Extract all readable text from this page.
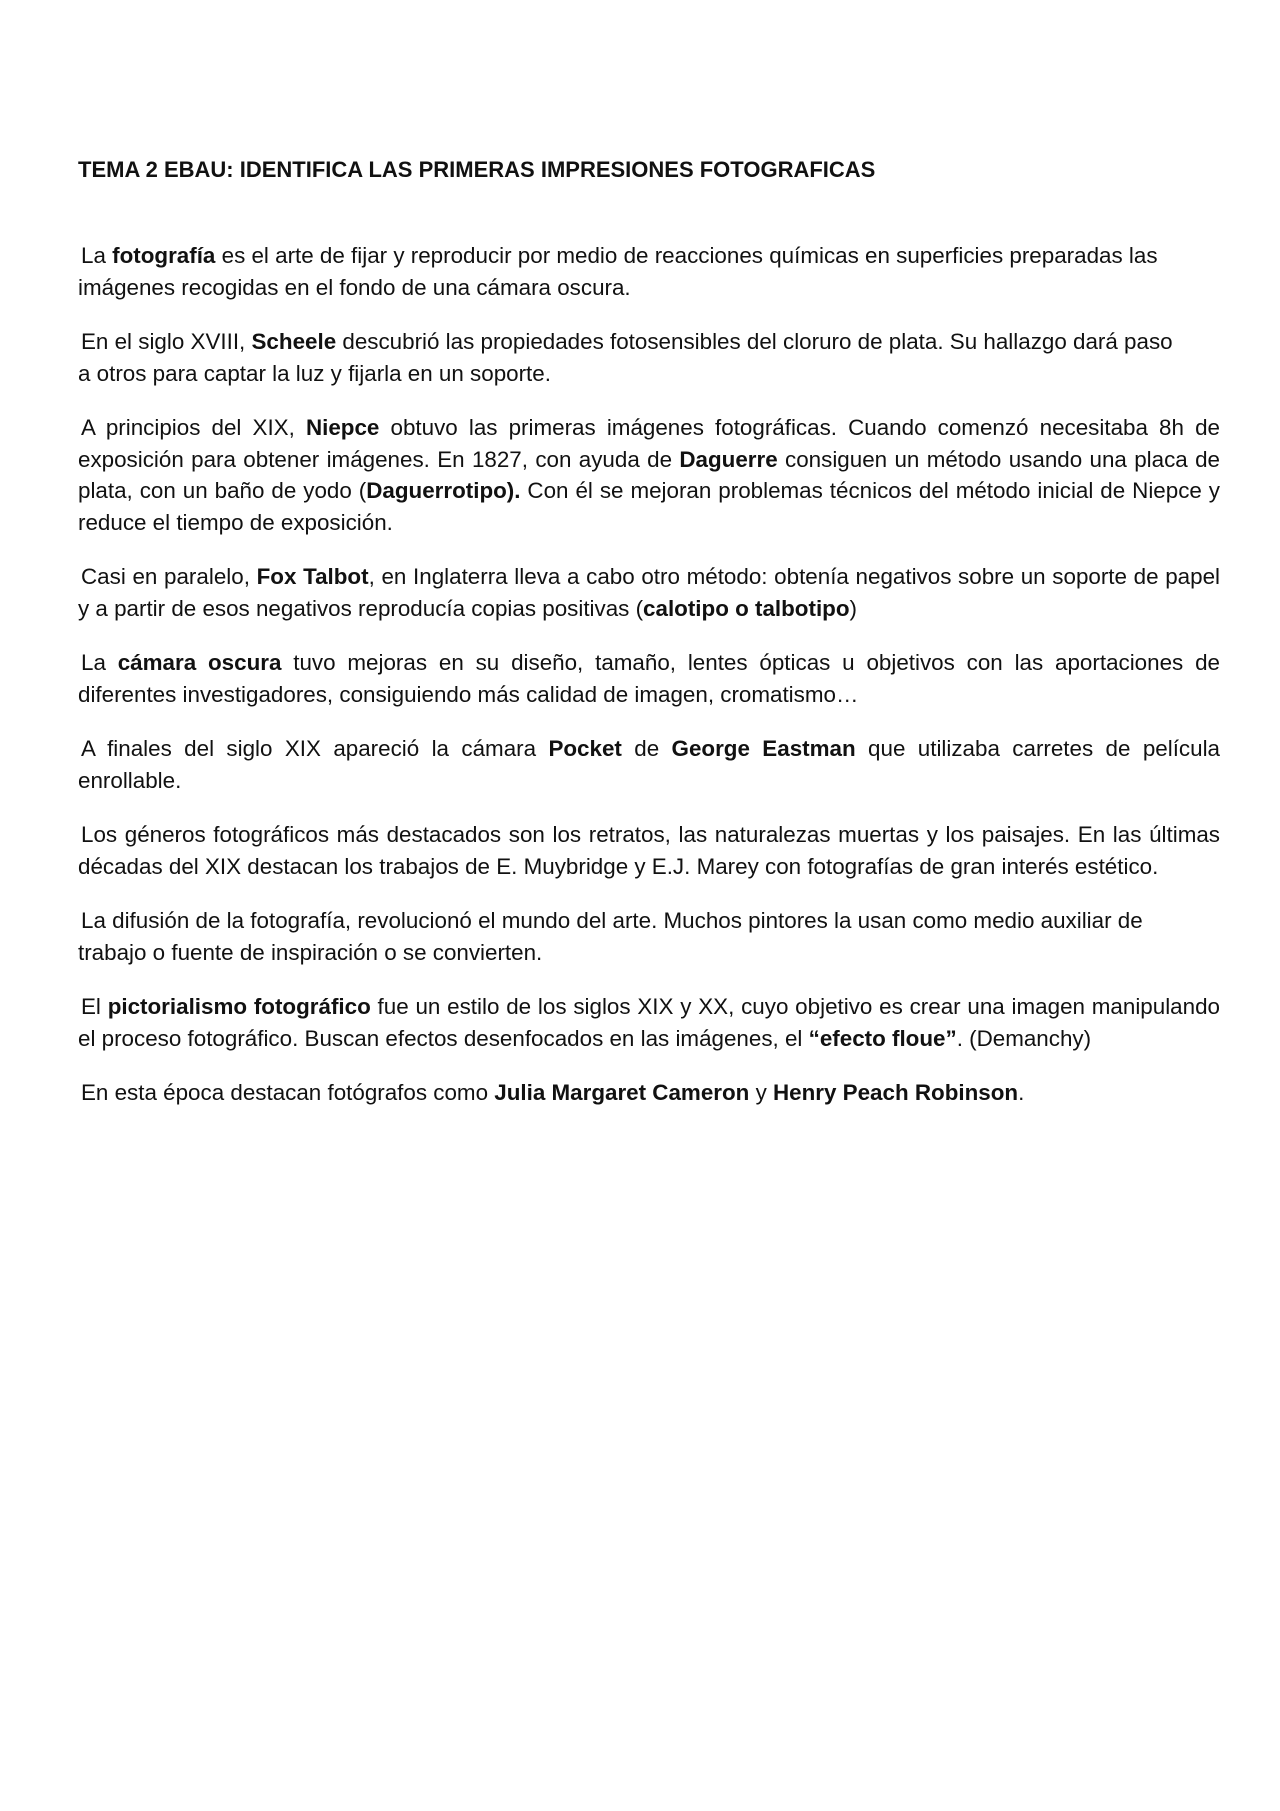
TEMA 2 EBAU: IDENTIFICA LAS PRIMERAS IMPRESIONES FOTOGRAFICAS

La fotografía es el arte de fijar y reproducir por medio de reacciones químicas en superficies preparadas las imágenes recogidas en el fondo de una cámara oscura.

En el siglo XVIII, Scheele descubrió las propiedades fotosensibles del cloruro de plata. Su hallazgo dará paso a otros para captar la luz y fijarla en un soporte.

A principios del XIX, Niepce obtuvo las primeras imágenes fotográficas. Cuando comenzó necesitaba 8h de exposición para obtener imágenes. En 1827, con ayuda de Daguerre consiguen un método usando una placa de plata, con un baño de yodo (Daguerrotipo). Con él se mejoran problemas técnicos del método inicial de Niepce y reduce el tiempo de exposición.

Casi en paralelo, Fox Talbot, en Inglaterra lleva a cabo otro método: obtenía negativos sobre un soporte de papel y a partir de esos negativos reproducía copias positivas (calotipo o talbotipo)

La cámara oscura tuvo mejoras en su diseño, tamaño, lentes ópticas u objetivos con las aportaciones de diferentes investigadores, consiguiendo más calidad de imagen, cromatismo…

A finales del siglo XIX apareció la cámara Pocket de George Eastman que utilizaba carretes de película enrollable.

Los géneros fotográficos más destacados son los retratos, las naturalezas muertas y los paisajes. En las últimas décadas del XIX destacan los trabajos de E. Muybridge y E.J. Marey con fotografías de gran interés estético.

La difusión de la fotografía, revolucionó el mundo del arte. Muchos pintores la usan como medio auxiliar de trabajo o fuente de inspiración o se convierten.

El pictorialismo fotográfico fue un estilo de los siglos XIX y XX, cuyo objetivo es crear una imagen manipulando el proceso fotográfico. Buscan efectos desenfocados en las imágenes, el “efecto floue”. (Demanchy)

En esta época destacan fotógrafos como Julia Margaret Cameron y Henry Peach Robinson.
